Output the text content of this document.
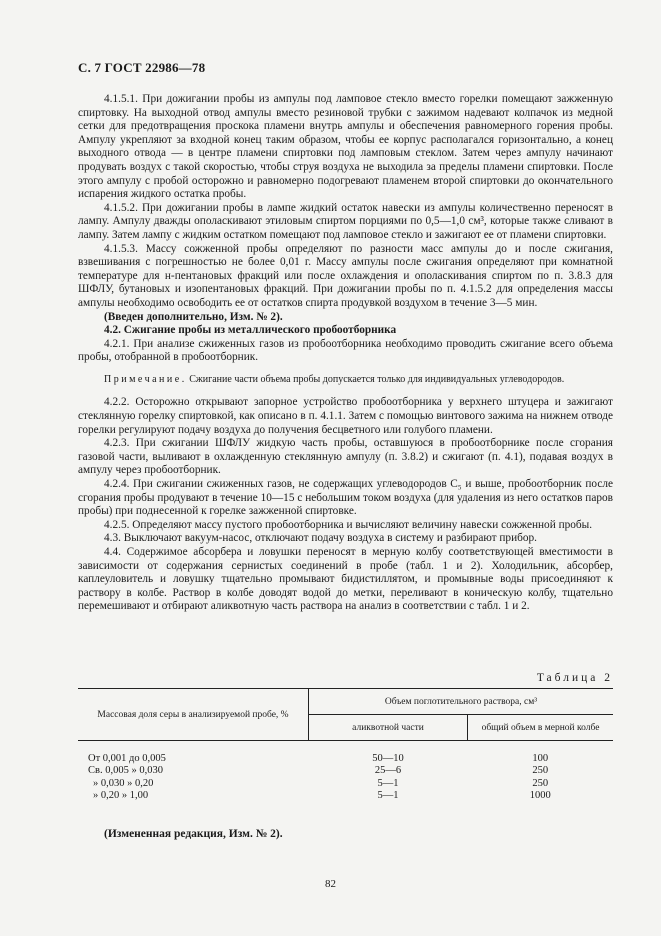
С. 7 ГОСТ 22986—78

4.1.5.1. При дожигании пробы из ампулы под ламповое стекло вместо горелки помещают зажженную спиртовку. На выходной отвод ампулы вместо резиновой трубки с зажимом надевают колпачок из медной сетки для предотвращения проскока пламени внутрь ампулы и обеспечения равномерного горения пробы. Ампулу укрепляют за входной конец таким образом, чтобы ее корпус располагался горизонтально, а конец выходного отвода — в центре пламени спиртовки под ламповым стеклом. Затем через ампулу начинают продувать воздух с такой скоростью, чтобы струя воздуха не выходила за пределы пламени спиртовки. После этого ампулу с пробой осторожно и равномерно подогревают пламенем второй спиртовки до окончательного испарения жидкого остатка пробы.

4.1.5.2. При дожигании пробы в лампе жидкий остаток навески из ампулы количественно переносят в лампу. Ампулу дважды ополаскивают этиловым спиртом порциями по 0,5—1,0 см³, которые также сливают в лампу. Затем лампу с жидким остатком помещают под ламповое стекло и зажигают ее от пламени спиртовки.

4.1.5.3. Массу сожженной пробы определяют по разности масс ампулы до и после сжигания, взвешивания с погрешностью не более 0,01 г. Массу ампулы после сжигания определяют при комнатной температуре для н-пентановых фракций или после охлаждения и ополаскивания спиртом по п. 3.8.3 для ШФЛУ, бутановых и изопентановых фракций. При дожигании пробы по п. 4.1.5.2 для определения массы ампулы необходимо освободить ее от остатков спирта продувкой воздухом в течение 3—5 мин.

(Введен дополнительно, Изм. № 2).

4.2. Сжигание пробы из металлического пробоотборника

4.2.1. При анализе сжиженных газов из пробоотборника необходимо проводить сжигание всего объема пробы, отобранной в пробоотборник.

Примечание. Сжигание части объема пробы допускается только для индивидуальных углеводородов.

4.2.2. Осторожно открывают запорное устройство пробоотборника у верхнего штуцера и зажигают стеклянную горелку спиртовкой, как описано в п. 4.1.1. Затем с помощью винтового зажима на нижнем отводе горелки регулируют подачу воздуха до получения бесцветного или голубого пламени.

4.2.3. При сжигании ШФЛУ жидкую часть пробы, оставшуюся в пробоотборнике после сгорания газовой части, выливают в охлажденную стеклянную ампулу (п. 3.8.2) и сжигают (п. 4.1), подавая воздух в ампулу через пробоотборник.

4.2.4. При сжигании сжиженных газов, не содержащих углеводородов С₅ и выше, пробоотборник после сгорания пробы продувают в течение 10—15 с небольшим током воздуха (для удаления из него остатков паров пробы) при поднесенной к горелке зажженной спиртовке.

4.2.5. Определяют массу пустого пробоотборника и вычисляют величину навески сожженной пробы.

4.3. Выключают вакуум-насос, отключают подачу воздуха в систему и разбирают прибор.

4.4. Содержимое абсорбера и ловушки переносят в мерную колбу соответствующей вместимости в зависимости от содержания сернистых соединений в пробе (табл. 1 и 2). Холодильник, абсорбер, каплеуловитель и ловушку тщательно промывают бидистиллятом, и промывные воды присоединяют к раствору в колбе. Раствор в колбе доводят водой до метки, переливают в коническую колбу, тщательно перемешивают и отбирают аликвотную часть раствора на анализ в соответствии с табл. 1 и 2.

Таблица 2
Массовая доля серы в анализируемой пробе, %	Объем поглотительного раствора, см³	
	аликвотной части	общий объем в мерной колбе
От 0,001 до 0,005	50—10	100
Св. 0,005 » 0,030	25—6	250
» 0,030 » 0,20	5—1	250
» 0,20 » 1,00	5—1	1000
(Измененная редакция, Изм. № 2).
82
